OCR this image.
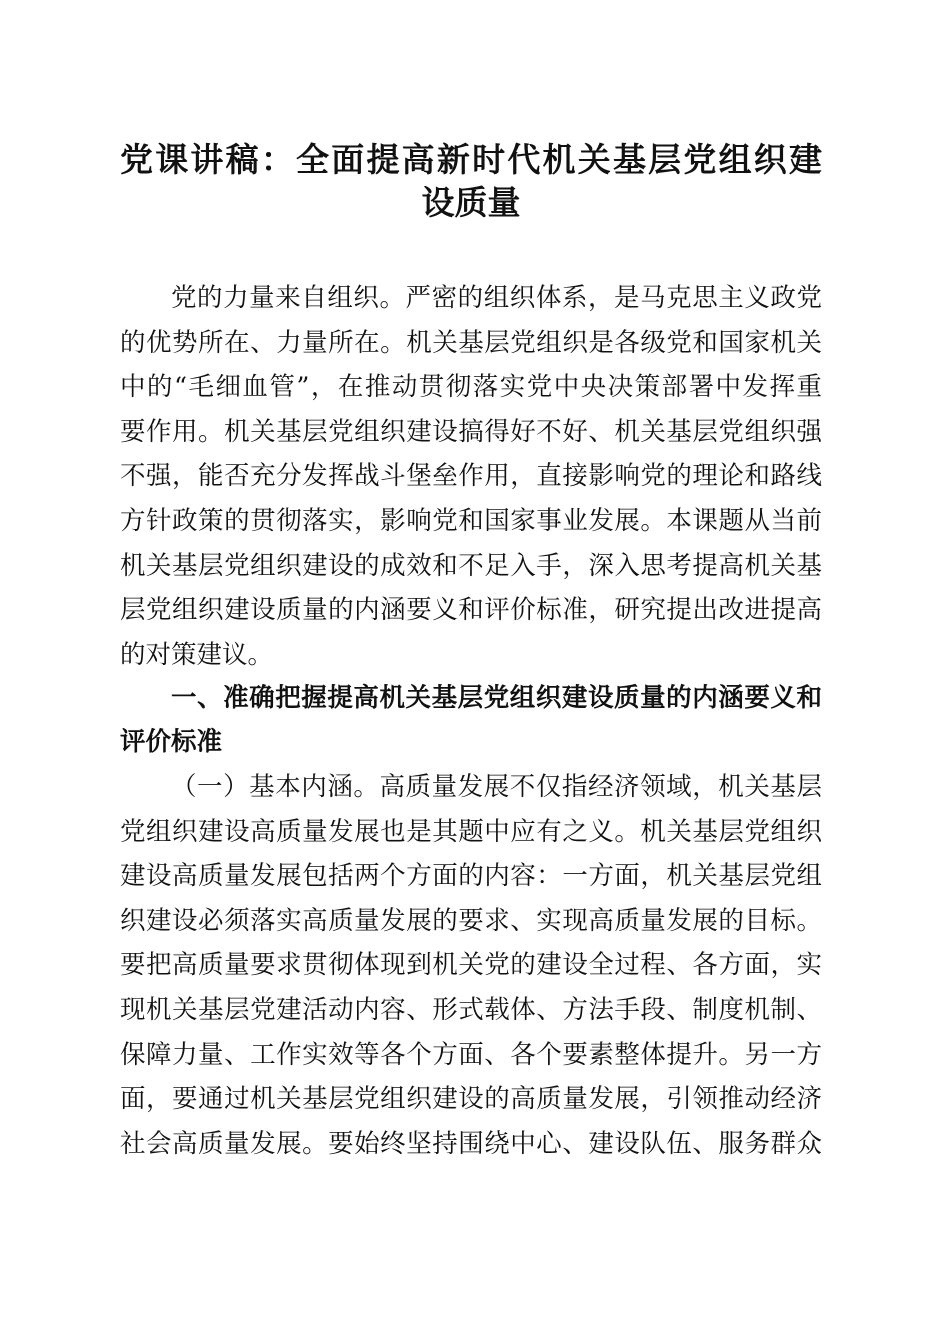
党课讲稿：全面提高新时代机关基层党组织建
设质量
党的力量来自组织。严密的组织体系，是马克思主义政党
的优势所在、力量所在。机关基层党组织是各级党和国家机关
中的“毛细血管”，在推动贯彻落实党中央决策部署中发挥重
要作用。机关基层党组织建设搞得好不好、机关基层党组织强
不强，能否充分发挥战斗堡垒作用，直接影响党的理论和路线
方针政策的贯彻落实，影响党和国家事业发展。本课题从当前
机关基层党组织建设的成效和不足入手，深入思考提高机关基
层党组织建设质量的内涵要义和评价标准，研究提出改进提高
的对策建议。
一、准确把握提高机关基层党组织建设质量的内涵要义和
评价标准
（一）基本内涵。高质量发展不仅指经济领域，机关基层
党组织建设高质量发展也是其题中应有之义。机关基层党组织
建设高质量发展包括两个方面的内容：一方面，机关基层党组
织建设必须落实高质量发展的要求、实现高质量发展的目标。
要把高质量要求贯彻体现到机关党的建设全过程、各方面，实
现机关基层党建活动内容、形式载体、方法手段、制度机制、
保障力量、工作实效等各个方面、各个要素整体提升。另一方
面，要通过机关基层党组织建设的高质量发展，引领推动经济
社会高质量发展。要始终坚持围绕中心、建设队伍、服务群众
